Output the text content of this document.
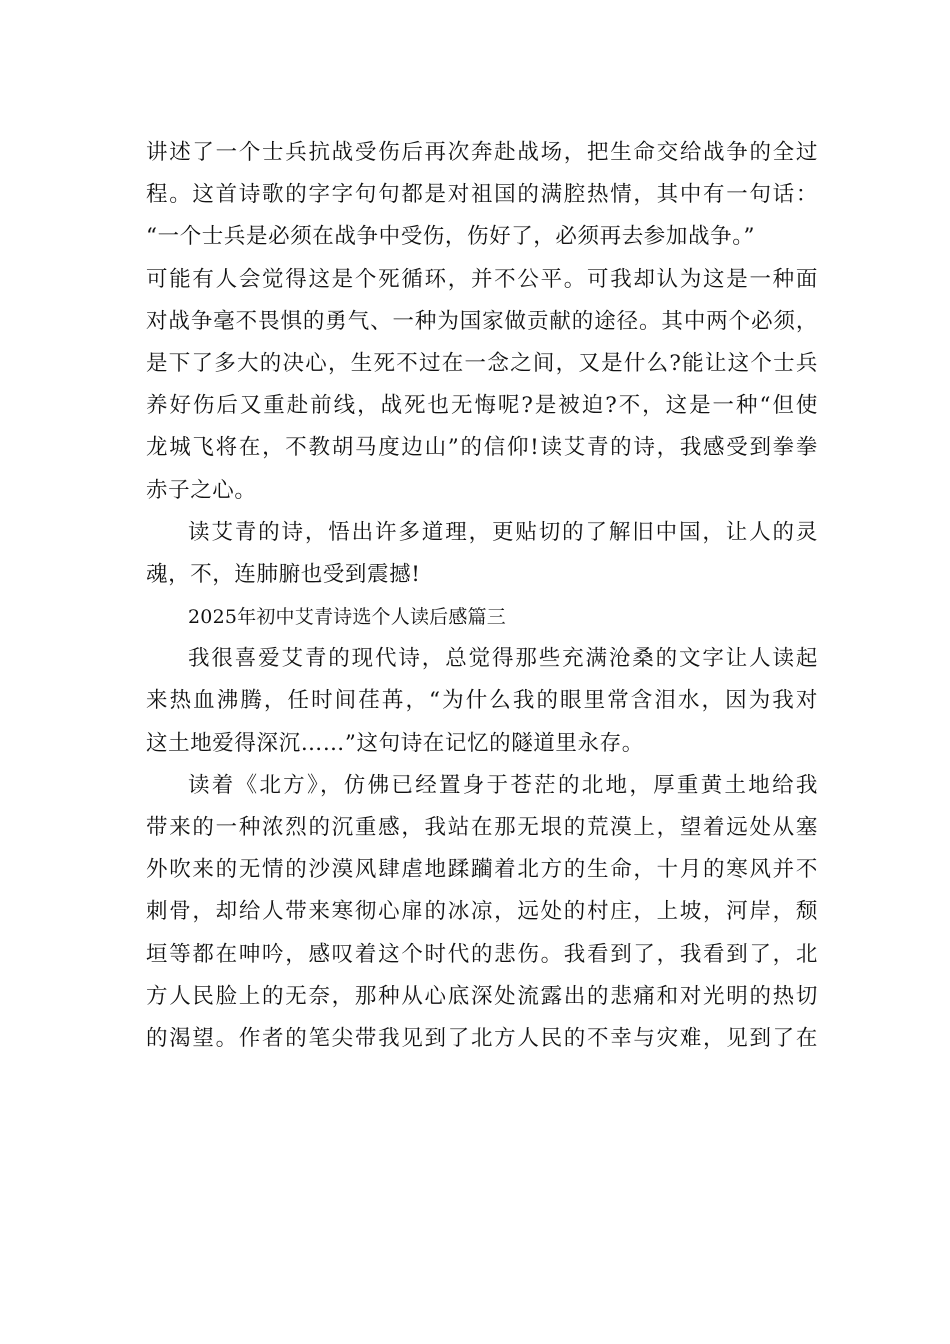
讲述了一个士兵抗战受伤后再次奔赴战场，把生命交给战争的全过
程。这首诗歌的字字句句都是对祖国的满腔热情，其中有一句话：
“一个士兵是必须在战争中受伤，伤好了，必须再去参加战争。”
可能有人会觉得这是个死循环，并不公平。可我却认为这是一种面
对战争毫不畏惧的勇气、一种为国家做贡献的途径。其中两个必须，
是下了多大的决心，生死不过在一念之间，又是什么?能让这个士兵
养好伤后又重赴前线，战死也无悔呢?是被迫?不，这是一种“但使
龙城飞将在，不教胡马度边山”的信仰!读艾青的诗，我感受到拳拳
赤子之心。
读艾青的诗，悟出许多道理，更贴切的了解旧中国，让人的灵
魂，不，连肺腑也受到震撼!
2025年初中艾青诗选个人读后感篇三
我很喜爱艾青的现代诗，总觉得那些充满沧桑的文字让人读起
来热血沸腾，任时间荏苒，“为什么我的眼里常含泪水，因为我对
这土地爱得深沉……”这句诗在记忆的隧道里永存。
读着《北方》，仿佛已经置身于苍茫的北地，厚重黄土地给我
带来的一种浓烈的沉重感，我站在那无垠的荒漠上，望着远处从塞
外吹来的无情的沙漠风肆虐地蹂躏着北方的生命，十月的寒风并不
刺骨，却给人带来寒彻心扉的冰凉，远处的村庄，上坡，河岸，颓
垣等都在呻吟，感叹着这个时代的悲伤。我看到了，我看到了，北
方人民脸上的无奈，那种从心底深处流露出的悲痛和对光明的热切
的渴望。作者的笔尖带我见到了北方人民的不幸与灾难，见到了在
